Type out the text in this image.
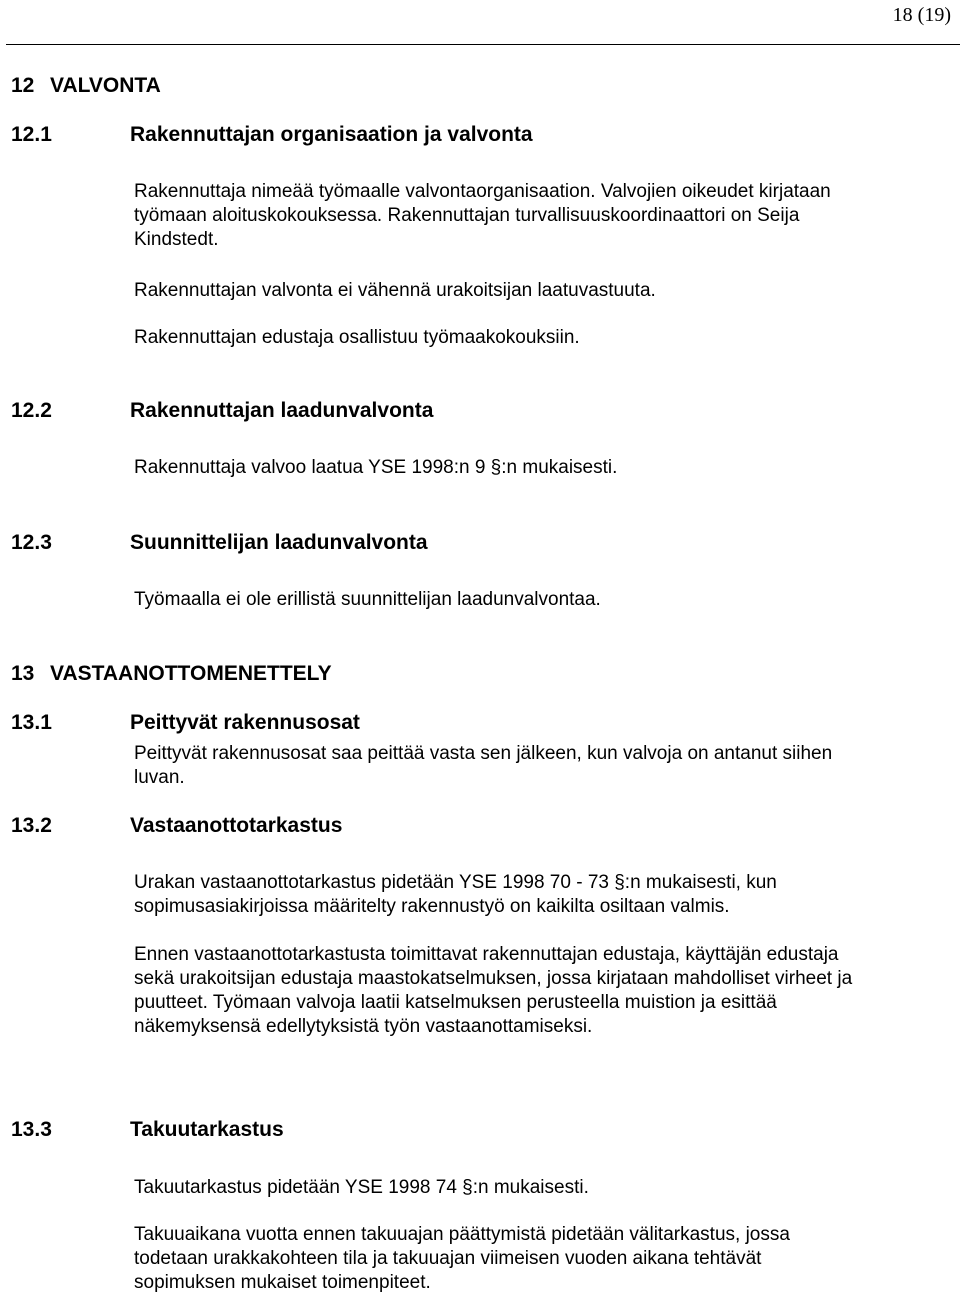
18 (19)
12 VALVONTA
12.1	Rakennuttajan organisaation ja valvonta
Rakennuttaja nimeää työmaalle valvontaorganisaation. Valvojien oikeudet kirjataan
työmaan aloituskokouksessa. Rakennuttajan turvallisuuskoordinaattori on Seija
Kindstedt.
Rakennuttajan valvonta ei vähennä urakoitsijan laatuvastuuta.
Rakennuttajan edustaja osallistuu työmaakokouksiin.
12.2	Rakennuttajan laadunvalvonta
Rakennuttaja valvoo laatua YSE 1998:n 9 §:n mukaisesti.
12.3	Suunnittelijan laadunvalvonta
Työmaalla ei ole erillistä suunnittelijan laadunvalvontaa.
13 VASTAANOTTOMENETTELY
13.1	Peittyvät rakennusosat
Peittyvät rakennusosat saa peittää vasta sen jälkeen, kun valvoja on antanut siihen
luvan.
13.2	Vastaanottotarkastus
Urakan vastaanottotarkastus pidetään YSE 1998 70 - 73 §:n mukaisesti, kun
sopimusasiakirjoissa määritelty rakennustyö on kaikilta osiltaan valmis.
Ennen vastaanottotarkastusta toimittavat rakennuttajan edustaja, käyttäjän edustaja
sekä urakoitsijan edustaja maastokatselmuksen, jossa kirjataan mahdolliset virheet ja
puutteet. Työmaan valvoja laatii katselmuksen perusteella muistion ja esittää
näkemyksensä edellytyksistä työn vastaanottamiseksi.
13.3	Takuutarkastus
Takuutarkastus pidetään YSE 1998 74 §:n mukaisesti.
Takuuaikana vuotta ennen takuuajan päättymistä pidetään välitarkastus, jossa
todetaan urakkakohteen tila ja takuuajan viimeisen vuoden aikana tehtävät
sopimuksen mukaiset toimenpiteet.
